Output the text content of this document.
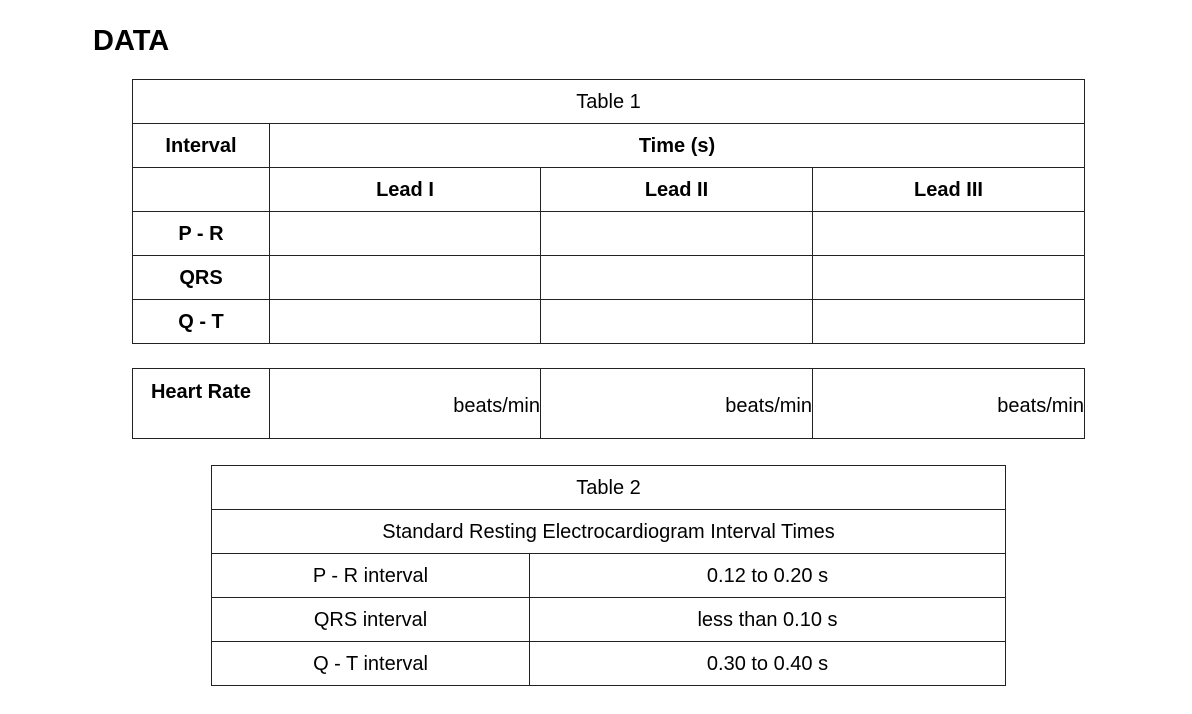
DATA
Table 1			
Interval	Time (s)		
	Lead I	Lead II	Lead III
P - R			
QRS			
Q - T			
Heart Rate	beats/min	beats/min	beats/min
Table 2	
Standard Resting Electrocardiogram Interval Times	
P - R interval	0.12 to 0.20 s
QRS interval	less than 0.10 s
Q - T interval	0.30 to 0.40 s
